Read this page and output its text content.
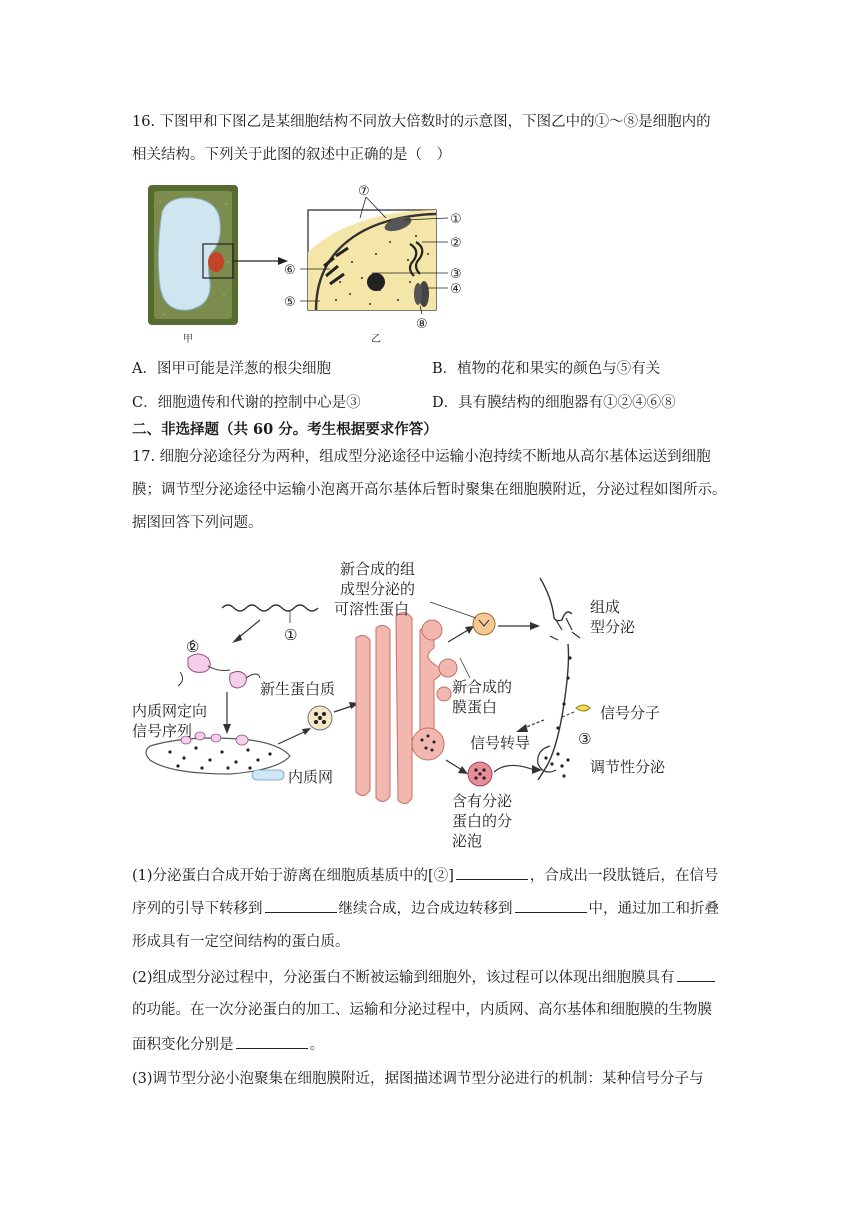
16. 下图甲和下图乙是某细胞结构不同放大倍数时的示意图，下图乙中的①～⑧是细胞内的
相关结构。下列关于此图的叙述中正确的是（　）
甲
⑦
①
②
⑥	③
④
⑤
⑧
乙
A．图甲可能是洋葱的根尖细胞	B．植物的花和果实的颜色与⑤有关
C．细胞遗传和代谢的控制中心是③	D．具有膜结构的细胞器有①②④⑥⑧
二、非选择题（共 60 分。考生根据要求作答）
17. 细胞分泌途径分为两种，组成型分泌途径中运输小泡持续不断地从高尔基体运送到细胞
膜；调节型分泌途径中运输小泡离开高尔基体后暂时聚集在细胞膜附近，分泌过程如图所示。
据图回答下列问题。
新合成的组
成型分泌的
可溶性蛋白	组成
型分泌
①
②
新生蛋白质	新合成的
膜蛋白	信号分子
内质网定向
信号序列
信号转导	③
调节性分泌
内质网
含有分泌
蛋白的分
泌泡
(1)分泌蛋白合成开始于游离在细胞质基质中的[②]	，合成出一段肽链后，在信号
序列的引导下转移到	继续合成，边合成边转移到	中，通过加工和折叠
形成具有一定空间结构的蛋白质。
(2)组成型分泌过程中，分泌蛋白不断被运输到细胞外，该过程可以体现出细胞膜具有
的功能。在一次分泌蛋白的加工、运输和分泌过程中，内质网、高尔基体和细胞膜的生物膜
面积变化分别是	。
(3)调节型分泌小泡聚集在细胞膜附近，据图描述调节型分泌进行的机制：某种信号分子与
